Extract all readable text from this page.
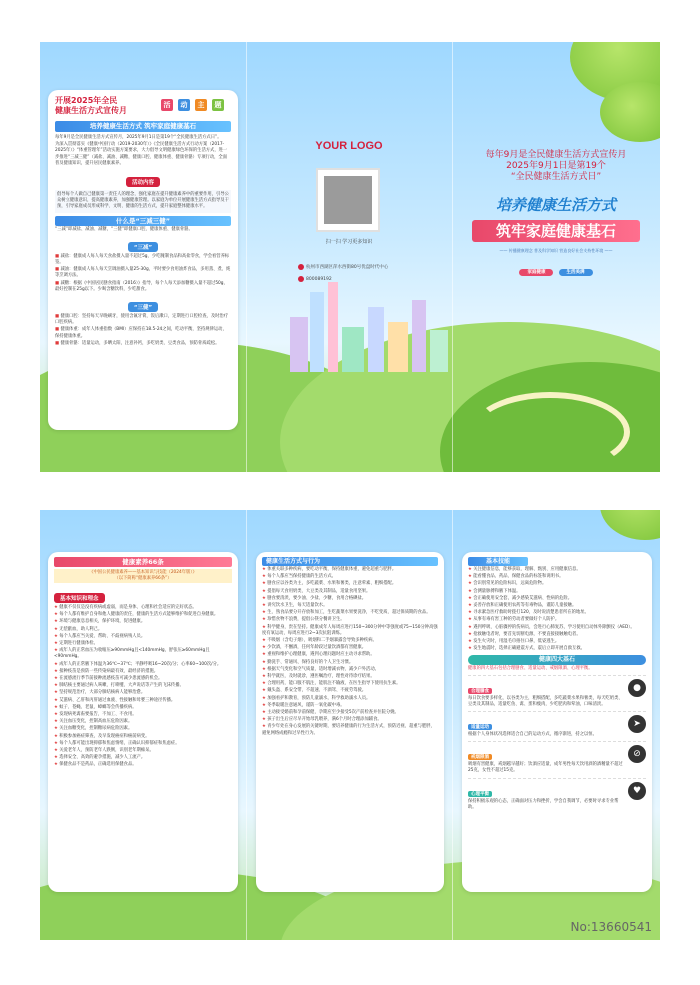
开展2025年全民
健康生活方式宣传月
活	动	主	题
培养健康生活方式 筑牢家庭健康基石
每年9月是全民健康生活方式宣传月，2025年9月1日是第19个“全民健康生活方式日”。
为深入贯彻落实《健康中国行动（2019-2030年）》《全民健康生活方式行动方案（2017-2025年）》“体重管理年”活动实施方案要求，大力倡导文明健康绿色环保的生活方式，进一步推进“三减三健”（减盐、减油、减糖，健康口腔、健康体重、健康骨骼）专项行动，全面普及健康知识，提升居民健康素养。
活动内容
倡导每个人做自己健康第一责任人的理念，强化家庭在提升健康素养中的重要作用，引导公众树立健康意识，提高健康素养，加强健康管理。以家庭为单位开展健康生活方式指导及干预，引导家庭成员形成科学、文明、健康的生活方式，提升家庭整体健康水平。
什么是“三减三健”
“三减”即减盐、减油、减糖，“三健”即健康口腔、健康体重、健康骨骼。
“三减”
■ 减盐：健康成人每人每天食盐摄入量不超过5g，少吃腌制食品和高盐零食，学会看营养标签。
■ 减油：健康成人每人每天烹调油摄入量25-30g，平时要少食用油炸食品，多用蒸、煮、炖等烹调方法。
■ 减糖：根据《中国居民膳食指南（2016）》指导，每个人每天添加糖摄入量不超过50g，最好控制在25g以下。少喝含糖饮料，少吃甜食。
“三健”
■ 健康口腔：坚持每天早晚刷牙，使用含氟牙膏，饭后漱口，定期进行口腔检查，及时治疗口腔疾病。
■ 健康体重：成年人体重指数（BMI）应保持在18.5-24之间，吃动平衡，坚持规律运动，保持健康体重。
■ 健康骨骼：适量运动，多晒太阳，注意补钙，多吃奶类、豆类食品，预防骨质疏松。
YOUR LOGO
扫一扫 学习更多知识
杭州市西湖区萍水西街80号优盘时代中心
800089192
每年9月是全民健康生活方式宣传月
2025年9月1日是第19个
“全民健康生活方式日”
培养健康生活方式
筑牢家庭健康基石
—— 传播健康理念 普及科学知识 营造良好社会支持性环境 ——
家庭健康	生活美满
健康素养66条
《中国公民健康素养——基本知识与技能（2024年版）》
（以下简称“健康素养66条”）
基本知识和理念
★ 健康不仅仅是没有疾病或虚弱，而是身体、心理和社会适应的完好状态。
★ 每个人都有维护自身和他人健康的责任，健康的生活方式能够维护和促进自身健康。
★ 环境与健康息息相关，保护环境，促进健康。
★ 无偿献血，助人利己。
★ 每个人都应当关爱、帮助、不歧视病残人员。
★ 定期进行健康体检。
★ 成年人的正常血压为收缩压≥90mmHg且<140mmHg，舒张压≥60mmHg且<90mmHg。
★ 成年人的正常腋下体温为36℃~37℃；平静呼吸16~20次/分；心率60~100次/分。
★ 接种疫苗是预防一些传染病最有效、最经济的措施。
★ 在流感流行季节前接种流感疫苗可减少患流感的机会。
★ 肺结核主要通过病人咳嗽、打喷嚏、大声说话等产生的飞沫传播。
★ 坚持规范治疗，大部分肺结核病人能够治愈。
★ 艾滋病、乙肝和丙肝通过血液、性接触和母婴三种途径传播。
★ 蚊子、苍蝇、老鼠、蟑螂等会传播疾病。
★ 发现病死禽畜要报告，不加工、不食用。
★ 关注血压变化，控制高血压危险因素。
★ 关注血糖变化，控制糖尿病危险因素。
★ 积极参加癌症筛查，及早发现癌症和癌前病变。
★ 每个人都可能出现抑郁和焦虑情绪，正确认识抑郁症和焦虑症。
★ 关爱老年人，预防老年人跌倒，识别老年期痴呆。
★ 选择安全、高效的避孕措施，减少人工流产。
★ 保健食品不是药品，正确选用保健食品。
健康生活方式与行为
★ 体重关联多种疾病，要吃动平衡，保持健康体重，避免超重与肥胖。
★ 每个人都应当保持健康的生活方式。
★ 膳食应以谷类为主，多吃蔬菜、水果和薯类，注意荤素、粗细搭配。
★ 提倡每天食用奶类、大豆类及其制品，适量食用坚果。
★ 膳食要清淡，要少油、少盐、少糖，食用合格碘盐。
★ 讲究饮水卫生，每天适量饮水。
★ 生、熟食品要分开存放和加工，生吃蔬菜水果要洗净，不吃变质、超过保质期的食品。
★ 珍惜食物不浪费，提倡公筷分餐讲卫生。
★ 科学健身，贵在坚持。健康成年人每周应进行150~300分钟中等强度或75~150分钟高强度有氧运动，每周应进行2~3次抗阻训练。
★ 不吸烟（含电子烟），吸烟和二手烟暴露会导致多种疾病。
★ 少饮酒，不酗酒，任何年龄段过量饮酒都有害健康。
★ 重视和维护心理健康，遇到心理问题时应主动寻求帮助。
★ 勤洗手、常通风、保持良好的个人卫生习惯。
★ 根据天气变化和空气质量，适时增减衣物，减少户外活动。
★ 科学就医，及时就诊，遵医嘱治疗，理性对待诊疗结果。
★ 合理用药，能口服不肌注，能肌注不输液，在医生指导下使用抗生素。
★ 戴头盔、系安全带，不超速、不酒驾、不疲劳驾驶。
★ 加强看护和教育，预防儿童溺水，科学救助溺水人员。
★ 冬季取暖注意通风，谨防一氧化碳中毒。
★ 主动接受婚前和孕前保健，孕期应至少接受5次产前检查并住院分娩。
★ 孩子出生后应尽早开始母乳喂养，满6个月时合理添加辅食。
★ 青少年处在身心发展的关键时期，要培养健康的行为生活方式，预防近视、超重与肥胖，避免网络成瘾和过早性行为。
基本技能
★ 关注健康信息，能够获取、理解、甄别、应用健康信息。
★ 能看懂食品、药品、保健食品的标签和说明书。
★ 会识别常见的危险标识，远离危险物。
★ 会测量脉搏和腋下体温。
★ 会正确使用安全套，减少感染艾滋病、性病的危险。
★ 妥善存放和正确使用农药等有毒物品，谨防儿童接触。
★ 寻求紧急医疗救助时拨打120，及时说清楚患者所在的地址。
★ 从事有毒有害工种的劳动者要做好个人防护。
★ 遇到呼吸、心脏骤停的伤病员，会进行心肺复苏，学习使用自动体外除颤仪（AED）。
★ 抢救触电者时，要首先切断电源，不要直接接触触电者。
★ 发生火灾时，用湿毛巾捂住口鼻，低姿逃生。
★ 发生地震时，选择正确避震方式，震后立即开展自救互救。
健康四大基石
健康的四大基石包括合理膳食、适量运动、戒烟限酒、心理平衡。
合理膳食
每日饮食要多样化，以谷类为主，粗细搭配，多吃蔬菜水果和薯类，每天吃奶类、豆类及其制品，适量吃鱼、禽、蛋和瘦肉，少吃肥肉和荤油，口味清淡。
●
适量运动
根据个人身体状况选择适合自己的运动方式，循序渐进，持之以恒。
➤
戒烟限酒
吸烟有害健康，戒烟越早越好；饮酒应适量，成年男性每天饮用酒的酒精量不超过25克，女性不超过15克。
⊘
心理平衡
保持积极乐观的心态，正确面对压力和挫折，学会自我调节，必要时寻求专业帮助。
♥
No:13660541
